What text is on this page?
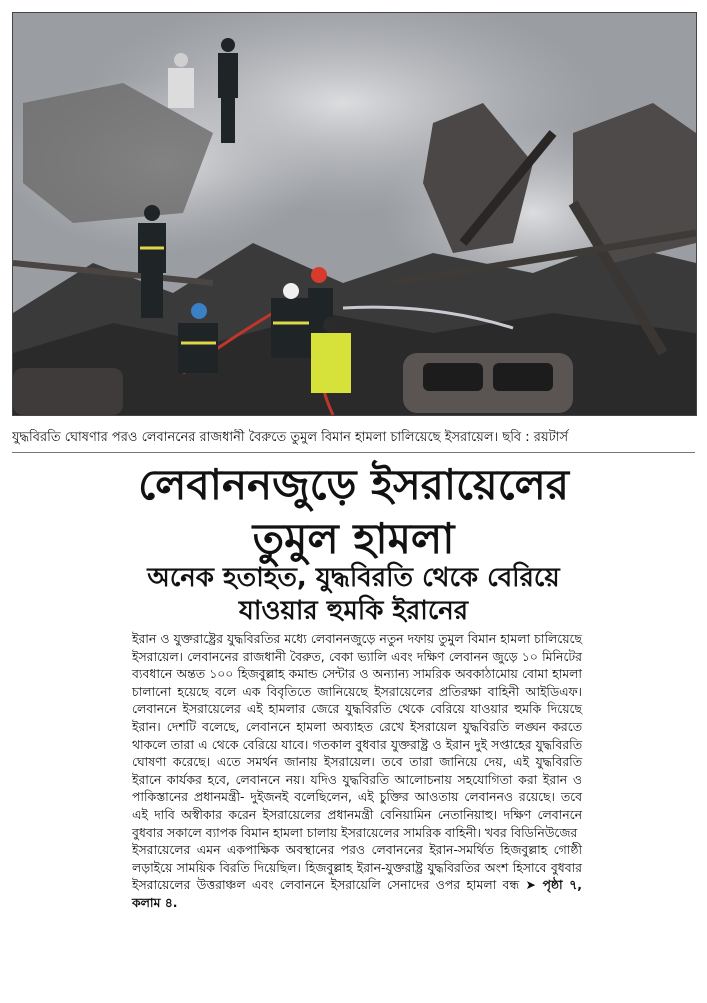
যুদ্ধবিরতি ঘোষণার পরও লেবাননের রাজধানী বৈরুতে তুমুল বিমান হামলা চালিয়েছে ইসরায়েল। ছবি : রয়টার্স
লেবাননজুড়ে ইসরায়েলের
তুমুল হামলা
অনেক হতাহত, যুদ্ধবিরতি থেকে বেরিয়ে
যাওয়ার হুমকি ইরানের

ইরান ও যুক্তরাষ্ট্রের যুদ্ধবিরতির মধ্যে লেবাননজুড়ে নতুন দফায় তুমুল বিমান হামলা চালিয়েছে ইসরায়েল। লেবাননের রাজধানী বৈরুত, বেকা ভ্যালি এবং দক্ষিণ লেবানন জুড়ে ১০ মিনিটের ব্যবধানে অন্তত ১০০ হিজবুল্লাহ কমান্ড সেন্টার ও অন্যান্য সামরিক অবকাঠামোয় বোমা হামলা চালানো হয়েছে বলে এক বিবৃতিতে জানিয়েছে ইসরায়েলের প্রতিরক্ষা বাহিনী আইডিএফ। লেবাননে ইসরায়েলের এই হামলার জেরে যুদ্ধবিরতি থেকে বেরিয়ে যাওয়ার হুমকি দিয়েছে ইরান। দেশটি বলেছে, লেবাননে হামলা অব্যাহত রেখে ইসরায়েল যুদ্ধবিরতি লঙ্ঘন করতে থাকলে তারা এ থেকে বেরিয়ে যাবে। গতকাল বুধবার যুক্তরাষ্ট্র ও ইরান দুই সপ্তাহের যুদ্ধবিরতি ঘোষণা করেছে। এতে সমর্থন জানায় ইসরায়েল। তবে তারা জানিয়ে দেয়, এই যুদ্ধবিরতি ইরানে কার্যকর হবে, লেবাননে নয়। যদিও যুদ্ধবিরতি আলোচনায় সহযোগিতা করা ইরান ও পাকিস্তানের প্রধানমন্ত্রী- দুইজনই বলেছিলেন, এই চুক্তির আওতায় লেবাননও রয়েছে। তবে এই দাবি অস্বীকার করেন ইসরায়েলের প্রধানমন্ত্রী বেনিয়ামিন নেতানিয়াহু। দক্ষিণ লেবাননে বুধবার সকালে ব্যাপক বিমান হামলা চালায় ইসরায়েলের সামরিক বাহিনী। খবর বিডিনিউজের

ইসরায়েলের এমন একপাক্ষিক অবস্থানের পরও লেবাননের ইরান-সমর্থিত হিজবুল্লাহ গোষ্ঠী লড়াইয়ে সাময়িক বিরতি দিয়েছিল। হিজবুল্লাহ ইরান-যুক্তরাষ্ট্র যুদ্ধবিরতির অংশ হিসাবে বুধবার ইসরায়েলের উত্তরাঞ্চল এবং লেবাননে ইসরায়েলি সেনাদের ওপর হামলা বন্ধ ➤ পৃষ্ঠা ৭, কলাম ৪.
